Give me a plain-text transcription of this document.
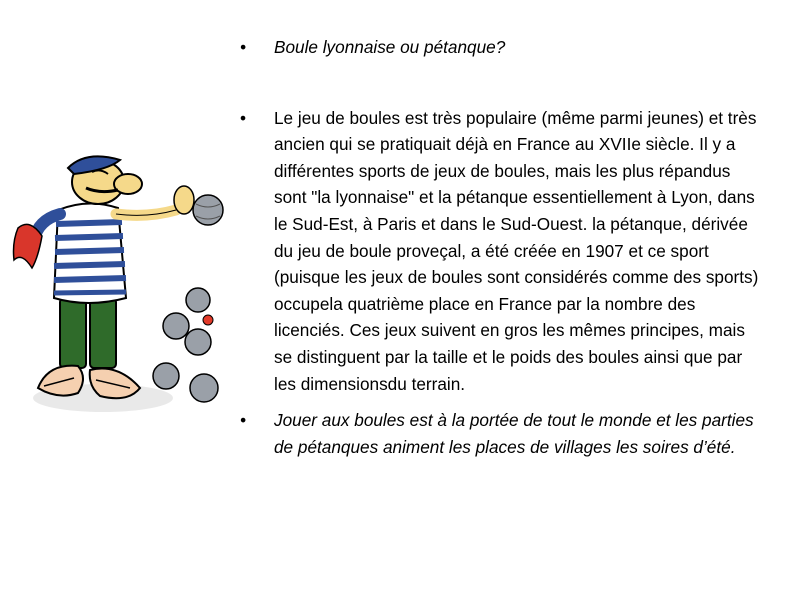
•	Boule lyonnaise ou pétanque?
•	Le jeu de boules est très populaire (même parmi jeunes) et très ancien qui se pratiquait déjà en France au XVIIe siècle. Il y a différentes sports de jeux de boules, mais les plus répandus sont "la lyonnaise" et la pétanque essentiellement à Lyon, dans le Sud-Est, à Paris et dans le Sud-Ouest. la pétanque, dérivée du jeu de boule proveçal, a été créée en 1907 et ce sport (puisque les jeux de boules sont considérés comme des sports) occupela quatrième place en France par la nombre des licenciés. Ces jeux suivent en gros les mêmes principes, mais se distinguent par la taille et le poids des boules ainsi que par les dimensionsdu terrain.
•	Jouer aux boules est à la portée de tout le monde et les parties de pétanques animent les places de villages les soires d’été.
